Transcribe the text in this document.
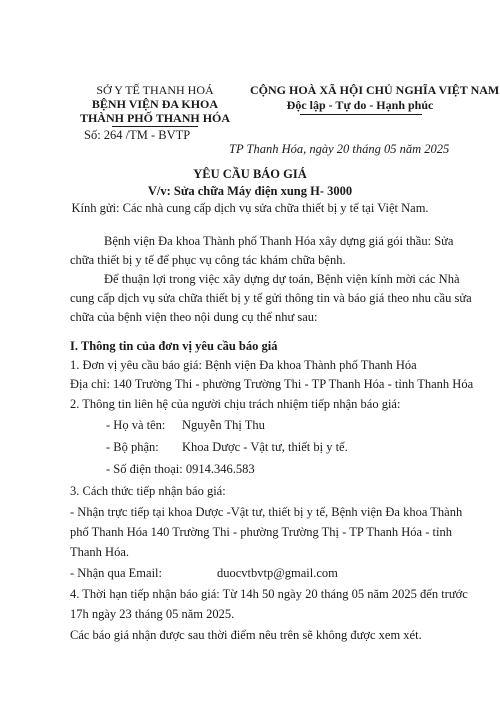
SỞ Y TẾ THANH HOÁ
BỆNH VIỆN ĐA KHOA
THÀNH PHỐ THANH HÓA
Số: 264 /TM - BVTP
CỘNG HOÀ XÃ HỘI CHỦ NGHĨA VIỆT NAM
Độc lập - Tự do - Hạnh phúc
TP Thanh Hóa, ngày 20 tháng 05 năm 2025
YÊU CẦU BÁO GIÁ
V/v: Sửa chữa Máy điện xung H- 3000
Kính gửi: Các nhà cung cấp dịch vụ sửa chữa thiết bị y tế tại Việt Nam.
Bệnh viện Đa khoa Thành phố Thanh Hóa xây dựng giá gói thầu: Sửa
chữa thiết bị y tế để phục vụ công tác khám chữa bệnh.
Để thuận lợi trong việc xây dựng dự toán, Bệnh viện kính mời các Nhà
cung cấp dịch vụ sửa chữa thiết bị y tế gửi thông tin và báo giá theo nhu cầu sửa
chữa của bệnh viện theo nội dung cụ thể như sau:
I. Thông tin của đơn vị yêu cầu báo giá
1. Đơn vị yêu cầu báo giá: Bệnh viện Đa khoa Thành phố Thanh Hóa
Địa chỉ: 140 Trường Thi - phường Trường Thi - TP Thanh Hóa - tỉnh Thanh Hóa
2. Thông tin liên hệ của người chịu trách nhiệm tiếp nhận báo giá:
- Họ và tên: Nguyễn Thị Thu
- Bộ phận: Khoa Dược - Vật tư, thiết bị y tế.
- Số điện thoại: 0914.346.583
3. Cách thức tiếp nhận báo giá:
- Nhận trực tiếp tại khoa Dược -Vật tư, thiết bị y tế, Bệnh viện Đa khoa Thành
phố Thanh Hóa 140 Trường Thi - phường Trường Thị - TP Thanh Hóa - tỉnh
Thanh Hóa.
- Nhận qua Email:	duocvtbvtp@gmail.com
4. Thời hạn tiếp nhận báo giá: Từ 14h 50 ngày 20 tháng 05 năm 2025 đến trước
17h ngày 23 tháng 05 năm 2025.
Các báo giá nhận được sau thời điểm nêu trên sẽ không được xem xét.
